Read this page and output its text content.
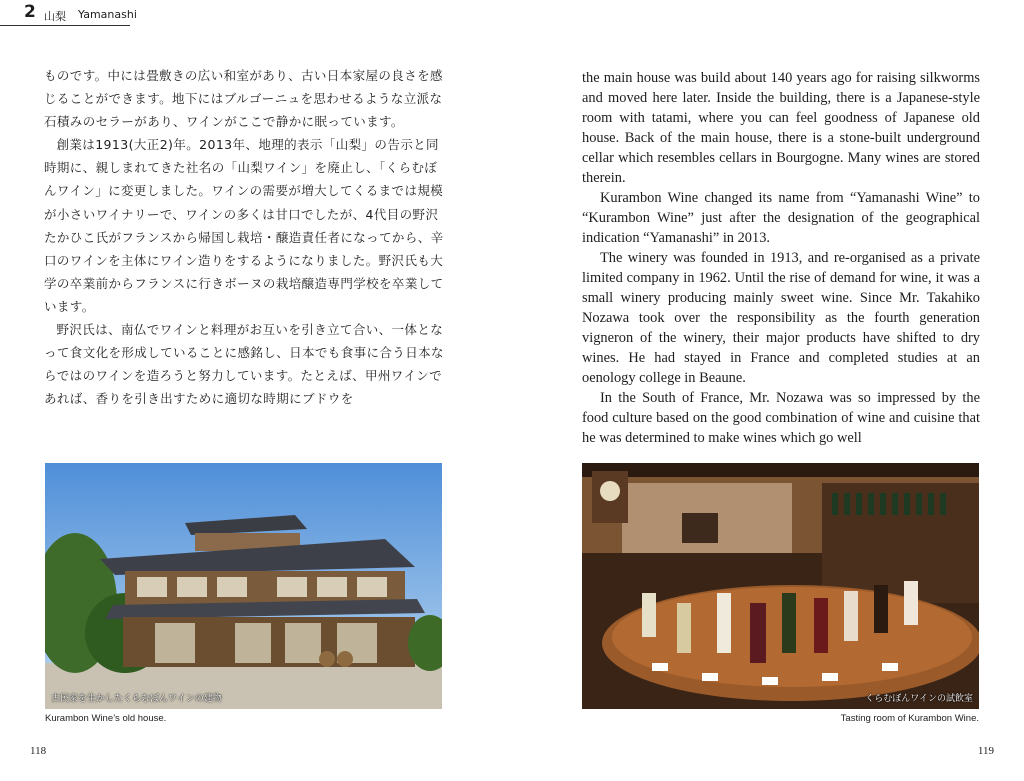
2 山梨 Yamanashi

ものです。中には畳敷きの広い和室があり、古い日本家屋の良さを感じることができます。地下にはブルゴーニュを思わせるような立派な石積みのセラーがあり、ワインがここで静かに眠っています。

創業は1913(大正2)年。2013年、地理的表示「山梨」の告示と同時期に、親しまれてきた社名の「山梨ワイン」を廃止し、「くらむぼんワイン」に変更しました。ワインの需要が増大してくるまでは規模が小さいワイナリーで、ワインの多くは甘口でしたが、4代目の野沢たかひこ氏がフランスから帰国し栽培・醸造責任者になってから、辛口のワインを主体にワイン造りをするようになりました。野沢氏も大学の卒業前からフランスに行きボーヌの栽培醸造専門学校を卒業しています。

野沢氏は、南仏でワインと料理がお互いを引き立て合い、一体となって食文化を形成していることに感銘し、日本でも食事に合う日本ならではのワインを造ろうと努力しています。たとえば、甲州ワインであれば、香りを引き出すために適切な時期にブドウを

the main house was build about 140 years ago for raising silkworms and moved here later. Inside the building, there is a Japanese-style room with tatami, where you can feel goodness of Japanese old house. Back of the main house, there is a stone-built underground cellar which resembles cellars in Bourgogne. Many wines are stored therein.

Kurambon Wine changed its name from “Yamanashi Wine” to “Kurambon Wine” just after the designation of the geographical indication “Yamanashi” in 2013.

The winery was founded in 1913, and re-organised as a private limited company in 1962. Until the rise of demand for wine, it was a small winery producing mainly sweet wine. Since Mr. Takahiko Nozawa took over the responsibility as the fourth generation vigneron of the winery, their major products have shifted to dry wines. He had stayed in France and completed studies at an oenology college in Beaune.

In the South of France, Mr. Nozawa was so impressed by the food culture based on the good combination of wine and cuisine that he was determined to make wines which go well

古民家を生かしたくらむぼんワインの建物	くらむぼんワインの試飲室
Kurambon Wine’s old house.	Tasting room of Kurambon Wine.
118	119
